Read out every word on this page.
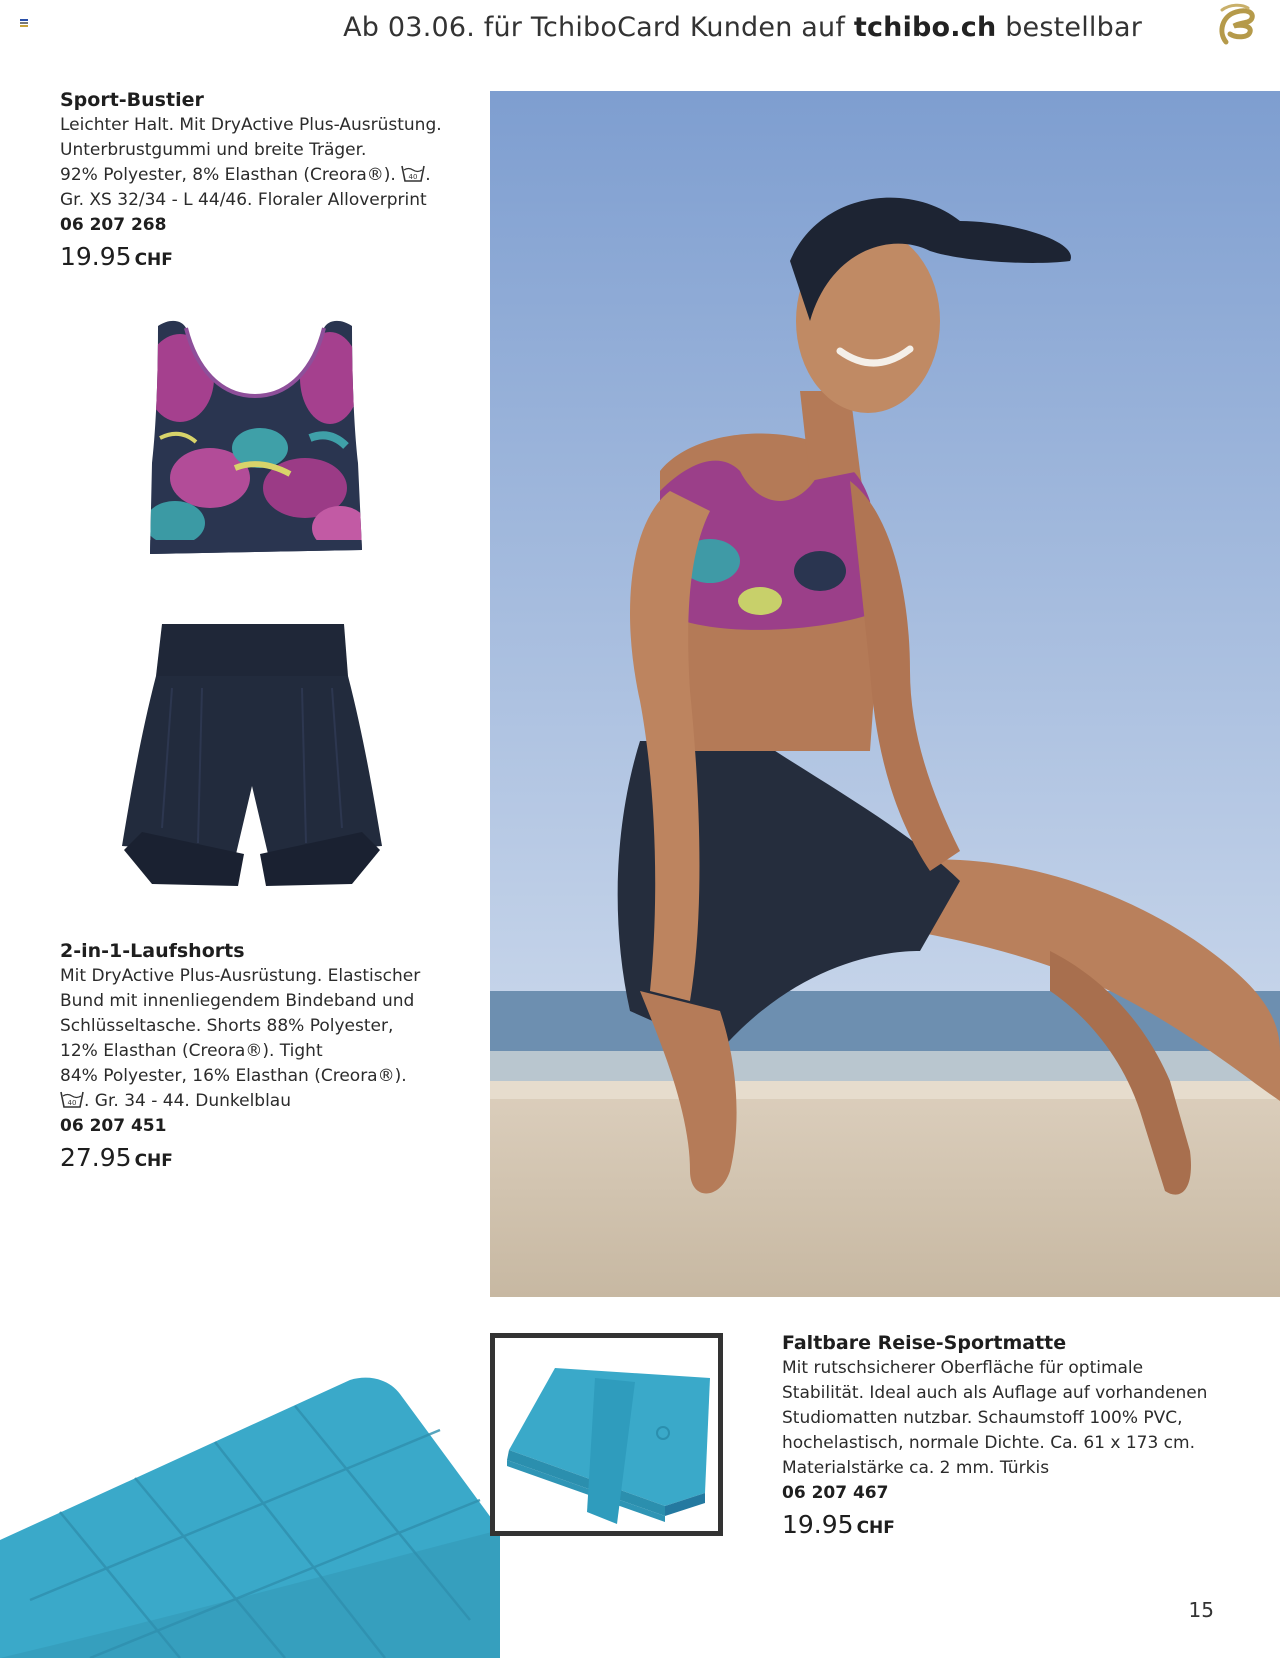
Ab 03.06. für TchiboCard Kunden auf tchibo.ch bestellbar
Sport-Bustier
Leichter Halt. Mit DryActive Plus-Ausrüstung.
Unterbrustgummi und breite Träger.
92% Polyester, 8% Elasthan (Creora®). 40 .
Gr. XS 32/34 - L 44/46. Floraler Alloverprint
06 207 268
19.95 CHF
2-in-1-Laufshorts
Mit DryActive Plus-Ausrüstung. Elastischer
Bund mit innenliegendem Bindeband und
Schlüsseltasche. Shorts 88% Polyester,
12% Elasthan (Creora®). Tight
84% Polyester, 16% Elasthan (Creora®).
40 . Gr. 34 - 44. Dunkelblau
06 207 451
27.95 CHF
Faltbare Reise-Sportmatte
Mit rutschsicherer Oberfläche für optimale
Stabilität. Ideal auch als Auflage auf vorhandenen
Studiomatten nutzbar. Schaumstoff 100% PVC,
hochelastisch, normale Dichte. Ca. 61 x 173 cm.
Materialstärke ca. 2 mm. Türkis
06 207 467
19.95 CHF
15
